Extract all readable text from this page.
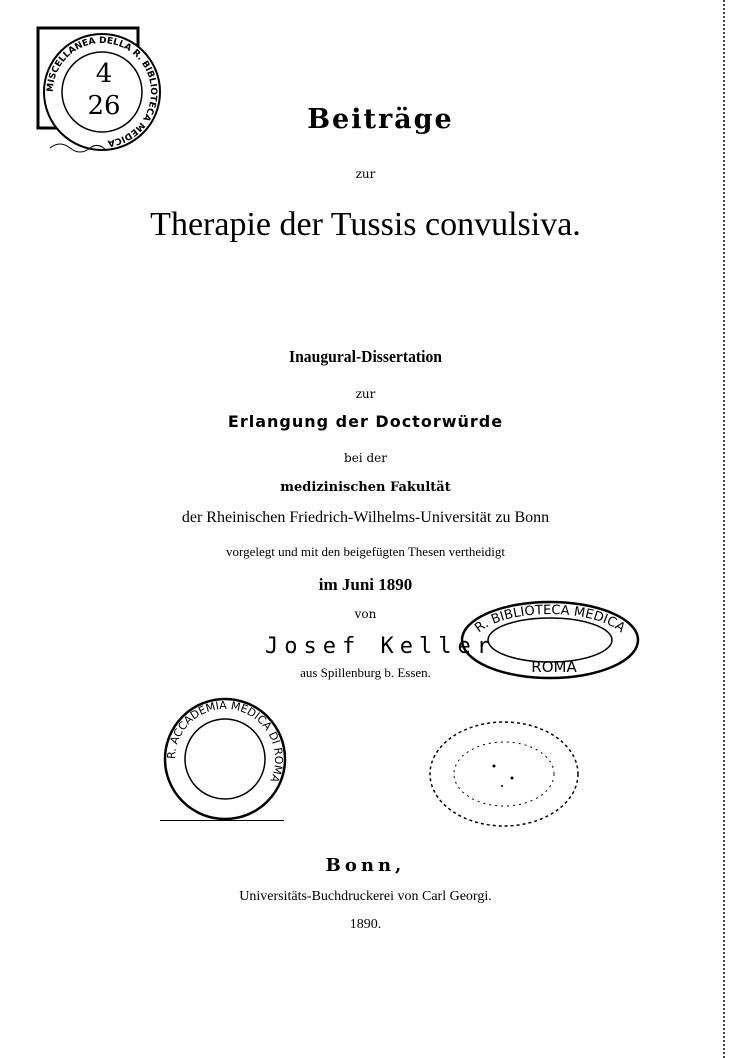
MISCELLANEA DELLA R. BIBLIOTECA MEDICA
4
26	Beiträge
zur
Therapie der Tussis convulsiva.
Inaugural-Dissertation
zur
Erlangung der Doctorwürde
bei der
medizinischen Fakultät
der Rheinischen Friedrich-Wilhelms-Universität zu Bonn
vorgelegt und mit den beigefügten Thesen vertheidigt
im Juni 1890
von
Josef Keller
aus Spillenburg b. Essen.
R. BIBLIOTECA MEDICA
ROMA
R. ACCADEMIA MEDICA DI ROMA
Bonn,
Universitäts-Buchdruckerei von Carl Georgi.
1890.
